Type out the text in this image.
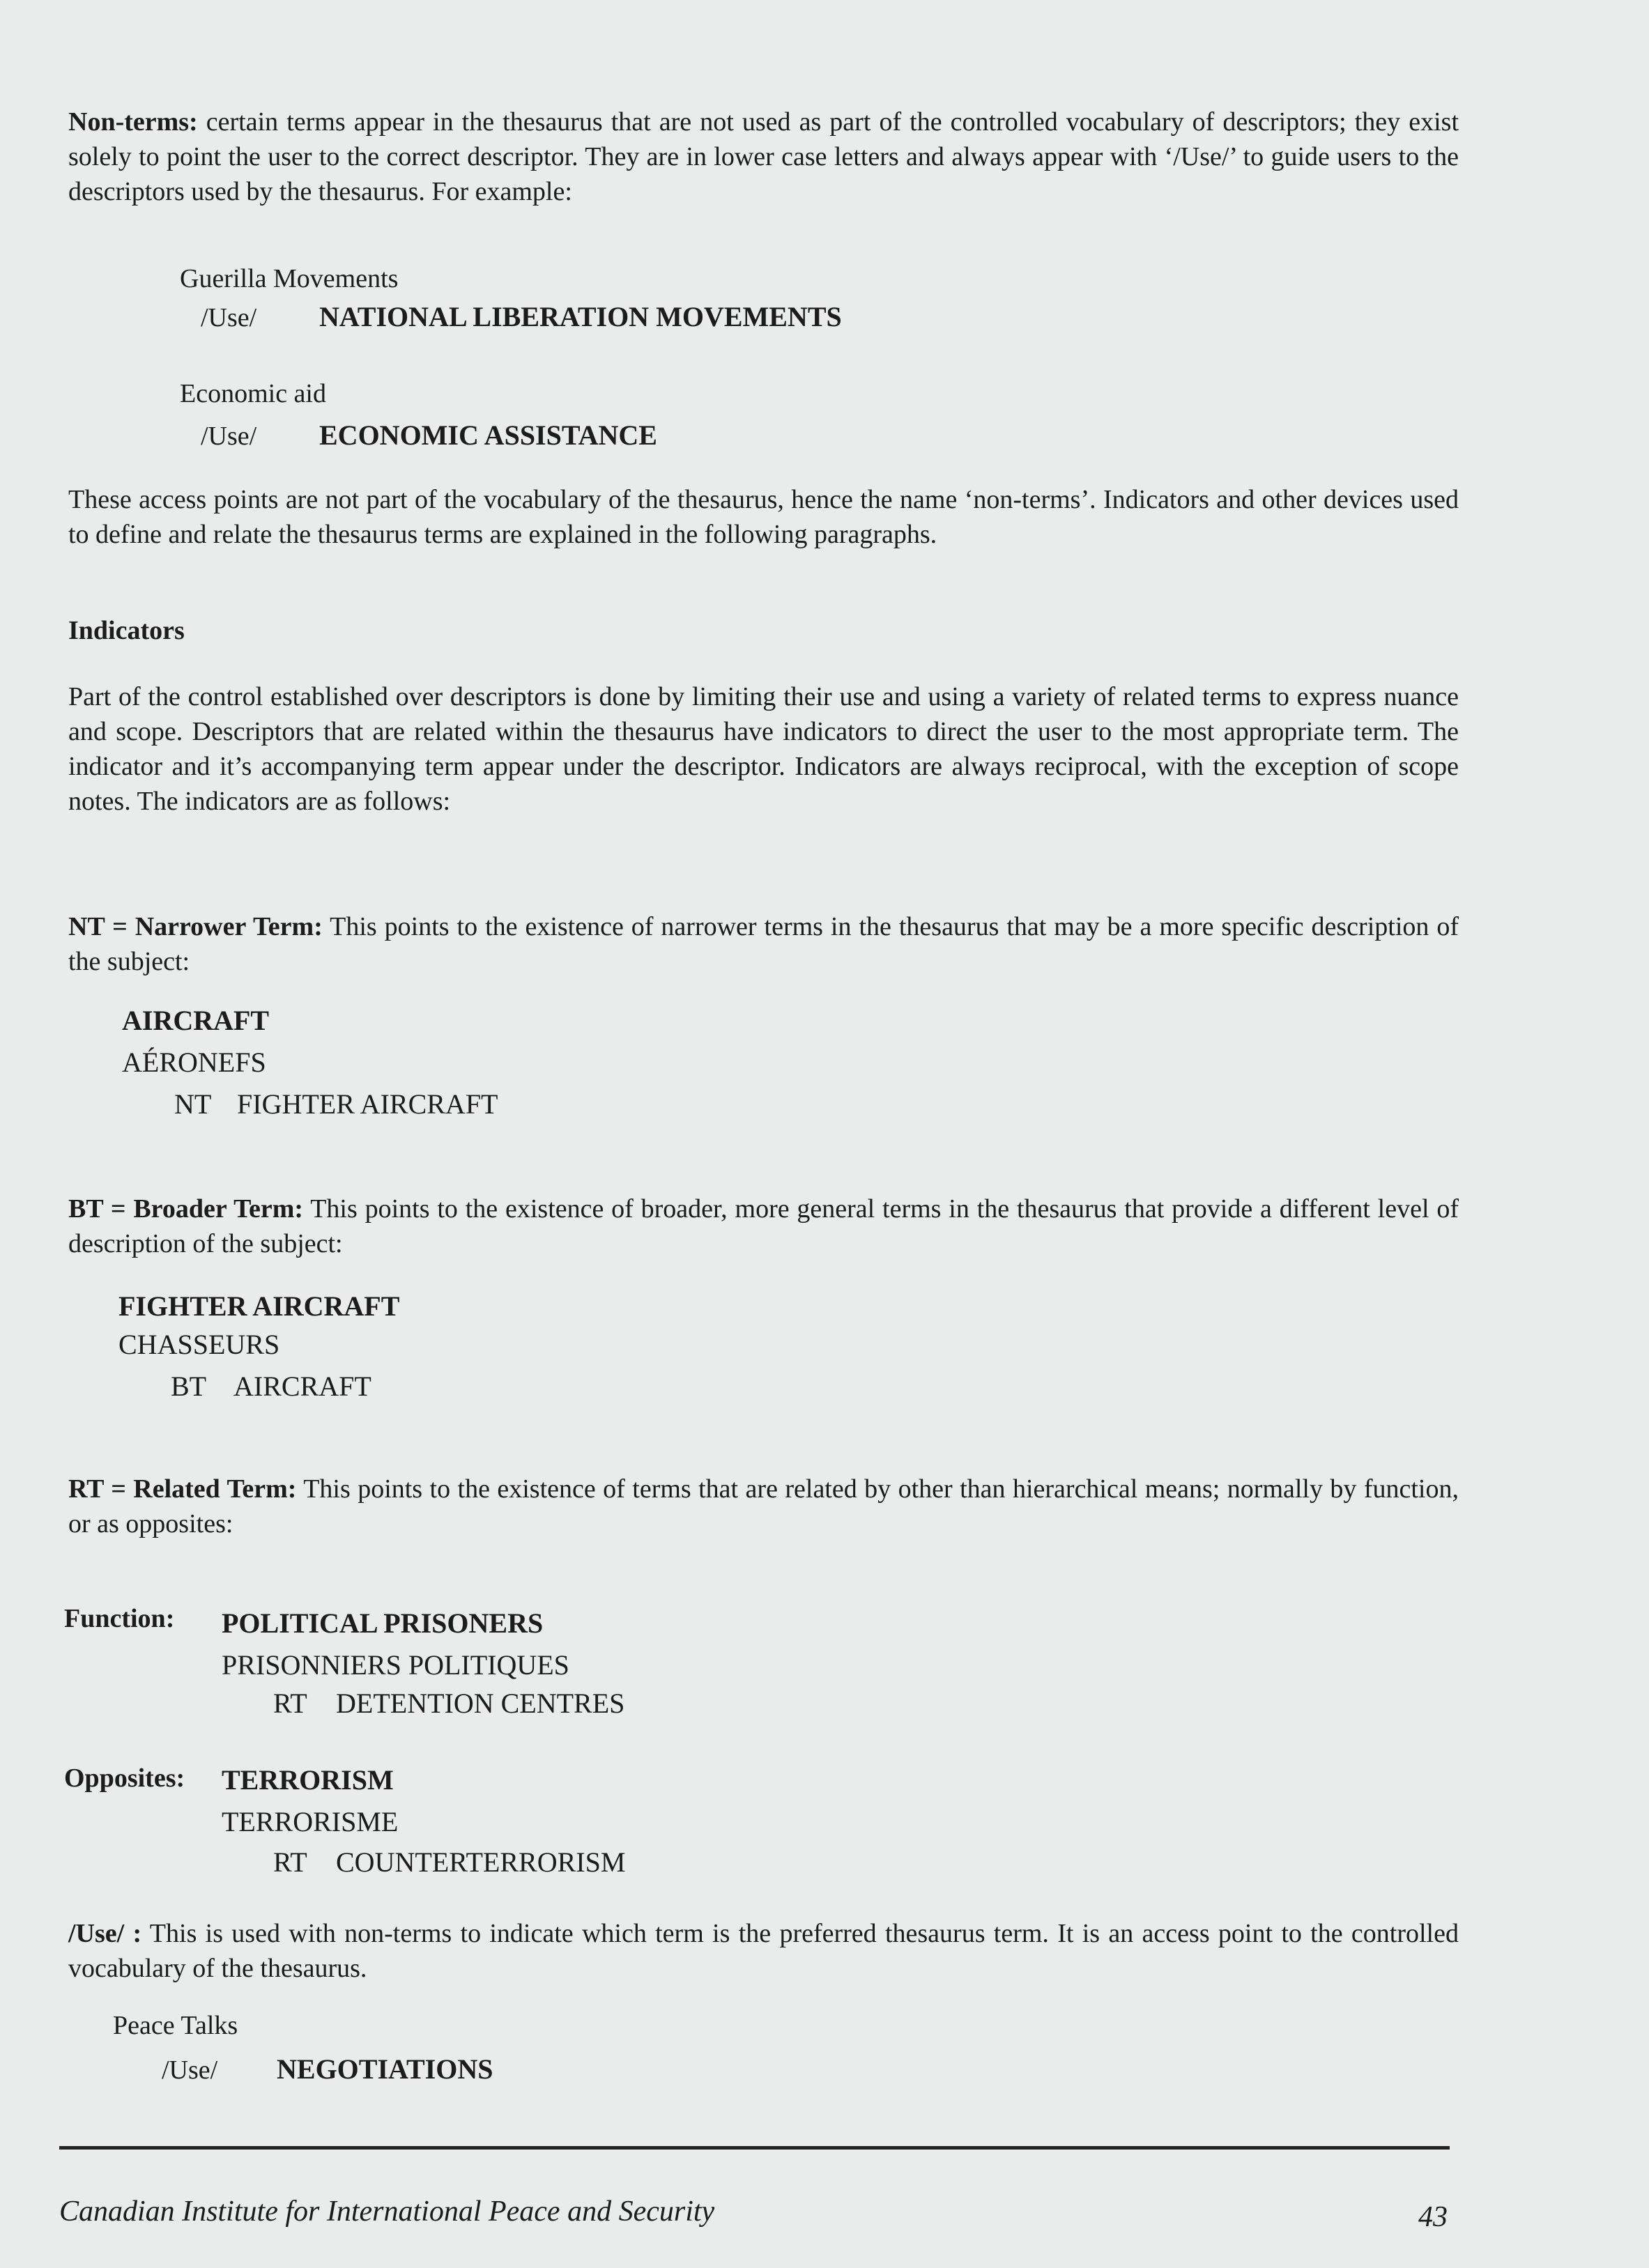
Non-terms: certain terms appear in the thesaurus that are not used as part of the controlled vocabulary of descriptors; they exist solely to point the user to the correct descriptor. They are in lower case letters and always appear with ‘/Use/’ to guide users to the descriptors used by the thesaurus. For example:
Guerilla Movements
/Use/ NATIONAL LIBERATION MOVEMENTS
Economic aid
/Use/ ECONOMIC ASSISTANCE
These access points are not part of the vocabulary of the thesaurus, hence the name ‘non-terms’. Indicators and other devices used to define and relate the thesaurus terms are explained in the following paragraphs.
Indicators
Part of the control established over descriptors is done by limiting their use and using a variety of related terms to express nuance and scope. Descriptors that are related within the thesaurus have indicators to direct the user to the most appropriate term. The indicator and it’s accompanying term appear under the descriptor. Indicators are always reciprocal, with the exception of scope notes. The indicators are as follows:
NT = Narrower Term: This points to the existence of narrower terms in the thesaurus that may be a more specific description of the subject:
AIRCRAFT
AÉRONEFS
NT FIGHTER AIRCRAFT
BT = Broader Term: This points to the existence of broader, more general terms in the thesaurus that provide a different level of description of the subject:
FIGHTER AIRCRAFT
CHASSEURS
BT AIRCRAFT
RT = Related Term: This points to the existence of terms that are related by other than hierarchical means; normally by function, or as opposites:
Function: POLITICAL PRISONERS
PRISONNIERS POLITIQUES
RT DETENTION CENTRES
Opposites: TERRORISM
TERRORISME
RT COUNTERTERRORISM
/Use/ : This is used with non-terms to indicate which term is the preferred thesaurus term. It is an access point to the controlled vocabulary of the thesaurus.
Peace Talks
/Use/ NEGOTIATIONS
Canadian Institute for International Peace and Security	43
